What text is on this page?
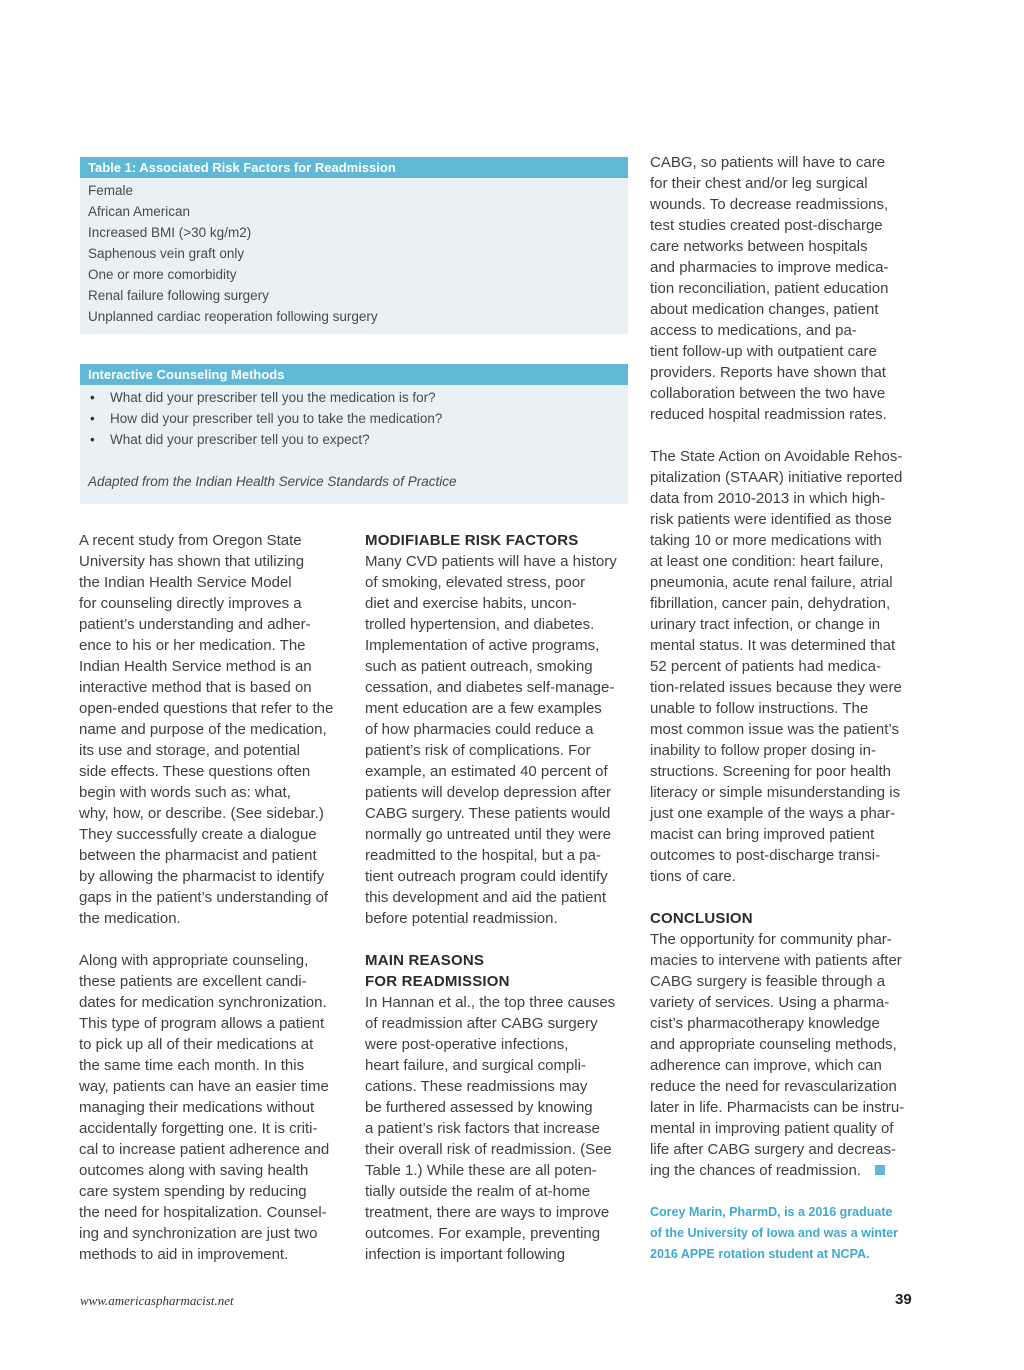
Table 1: Associated Risk Factors for Readmission
Female
African American
Increased BMI (>30 kg/m2)
Saphenous vein graft only
One or more comorbidity
Renal failure following surgery
Unplanned cardiac reoperation following surgery
Interactive Counseling Methods
• What did your prescriber tell you the medication is for?
• How did your prescriber tell you to take the medication?
• What did your prescriber tell you to expect?
Adapted from the Indian Health Service Standards of Practice

A recent study from Oregon State
University has shown that utilizing
the Indian Health Service Model
for counseling directly improves a
patient’s understanding and adher-
ence to his or her medication. The
Indian Health Service method is an
interactive method that is based on
open-ended questions that refer to the
name and purpose of the medication,
its use and storage, and potential
side effects. These questions often
begin with words such as: what,
why, how, or describe. (See sidebar.)
They successfully create a dialogue
between the pharmacist and patient
by allowing the pharmacist to identify
gaps in the patient’s understanding of
the medication.

Along with appropriate counseling,
these patients are excellent candi-
dates for medication synchronization.
This type of program allows a patient
to pick up all of their medications at
the same time each month. In this
way, patients can have an easier time
managing their medications without
accidentally forgetting one. It is criti-
cal to increase patient adherence and
outcomes along with saving health
care system spending by reducing
the need for hospitalization. Counsel-
ing and synchronization are just two
methods to aid in improvement.

MODIFIABLE RISK FACTORS

Many CVD patients will have a history
of smoking, elevated stress, poor
diet and exercise habits, uncon-
trolled hypertension, and diabetes.
Implementation of active programs,
such as patient outreach, smoking
cessation, and diabetes self-manage-
ment education are a few examples
of how pharmacies could reduce a
patient’s risk of complications. For
example, an estimated 40 percent of
patients will develop depression after
CABG surgery. These patients would
normally go untreated until they were
readmitted to the hospital, but a pa-
tient outreach program could identify
this development and aid the patient
before potential readmission.

MAIN REASONS
FOR READMISSION

In Hannan et al., the top three causes
of readmission after CABG surgery
were post-operative infections,
heart failure, and surgical compli-
cations. These readmissions may
be furthered assessed by knowing
a patient’s risk factors that increase
their overall risk of readmission. (See
Table 1.) While these are all poten-
tially outside the realm of at-home
treatment, there are ways to improve
outcomes. For example, preventing
infection is important following

CABG, so patients will have to care
for their chest and/or leg surgical
wounds. To decrease readmissions,
test studies created post-discharge
care networks between hospitals
and pharmacies to improve medica-
tion reconciliation, patient education
about medication changes, patient
access to medications, and pa-
tient follow-up with outpatient care
providers. Reports have shown that
collaboration between the two have
reduced hospital readmission rates.

The State Action on Avoidable Rehos-
pitalization (STAAR) initiative reported
data from 2010-2013 in which high-
risk patients were identified as those
taking 10 or more medications with
at least one condition: heart failure,
pneumonia, acute renal failure, atrial
fibrillation, cancer pain, dehydration,
urinary tract infection, or change in
mental status. It was determined that
52 percent of patients had medica-
tion-related issues because they were
unable to follow instructions. The
most common issue was the patient’s
inability to follow proper dosing in-
structions. Screening for poor health
literacy or simple misunderstanding is
just one example of the ways a phar-
macist can bring improved patient
outcomes to post-discharge transi-
tions of care.

CONCLUSION
The opportunity for community phar-
macies to intervene with patients after
CABG surgery is feasible through a
variety of services. Using a pharma-
cist’s pharmacotherapy knowledge
and appropriate counseling methods,
adherence can improve, which can
reduce the need for revascularization
later in life. Pharmacists can be instru-
mental in improving patient quality of
life after CABG surgery and decreas-
ing the chances of readmission.
Corey Marin, PharmD, is a 2016 graduate
of the University of Iowa and was a winter
2016 APPE rotation student at NCPA.
www.americaspharmacist.net	39
